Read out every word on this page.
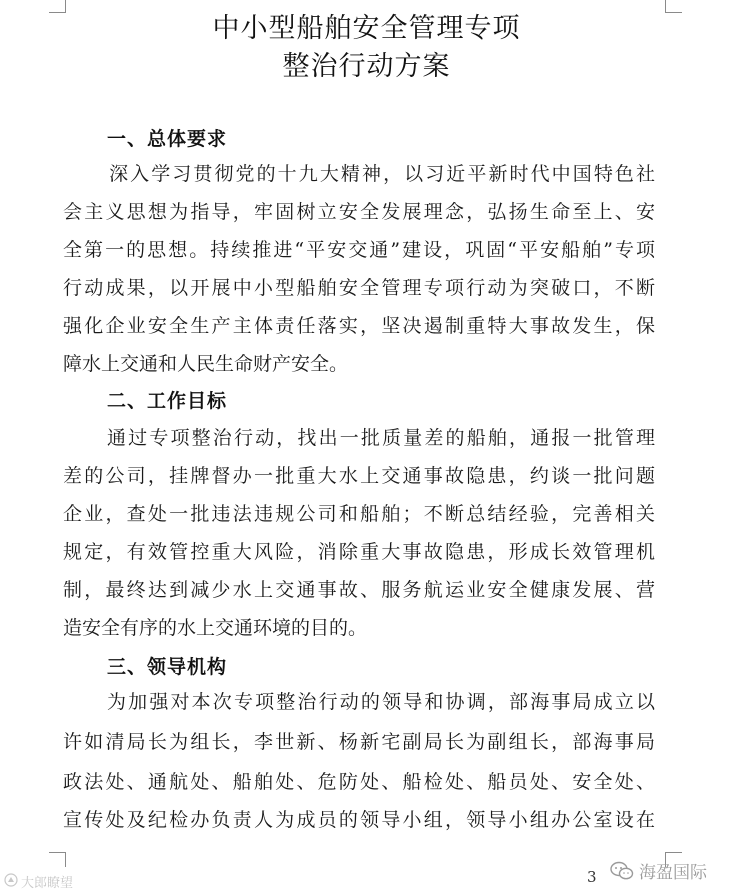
中小型船舶安全管理专项
整治行动方案
一、总体要求
深入学习贯彻党的十九大精神，以习近平新时代中国特色社
会主义思想为指导，牢固树立安全发展理念，弘扬生命至上、安
全第一的思想。持续推进“平安交通”建设，巩固“平安船舶”专项
行动成果，以开展中小型船舶安全管理专项行动为突破口，不断
强化企业安全生产主体责任落实，坚决遏制重特大事故发生，保
障水上交通和人民生命财产安全。
二、工作目标
通过专项整治行动，找出一批质量差的船舶，通报一批管理
差的公司，挂牌督办一批重大水上交通事故隐患，约谈一批问题
企业，查处一批违法违规公司和船舶；不断总结经验，完善相关
规定，有效管控重大风险，消除重大事故隐患，形成长效管理机
制，最终达到减少水上交通事故、服务航运业安全健康发展、营
造安全有序的水上交通环境的目的。
三、领导机构
为加强对本次专项整治行动的领导和协调，部海事局成立以
许如清局长为组长，李世新、杨新宅副局长为副组长，部海事局
政法处、通航处、船舶处、危防处、船检处、船员处、安全处、
宣传处及纪检办负责人为成员的领导小组，领导小组办公室设在
3
大郎瞭望
海盈国际
